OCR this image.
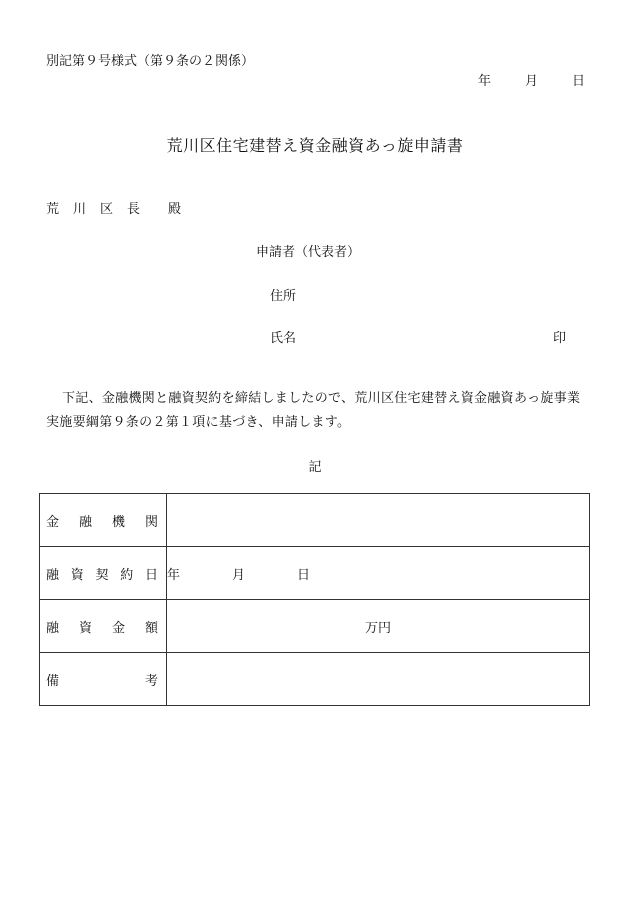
別記第９号様式（第９条の２関係）
年	月	日
荒川区住宅建替え資金融資あっ旋申請書
荒川区長 殿
申請者（代表者）
住所
氏名	印
下記、金融機関と融資契約を締結しましたので、荒川区住宅建替え資金融資あっ旋事業実施要綱第９条の２第１項に基づき、申請します。
記
金 融 機 関	

融 資 契 約 日	年 月 日

融 資 金 額	万円

備 考	
